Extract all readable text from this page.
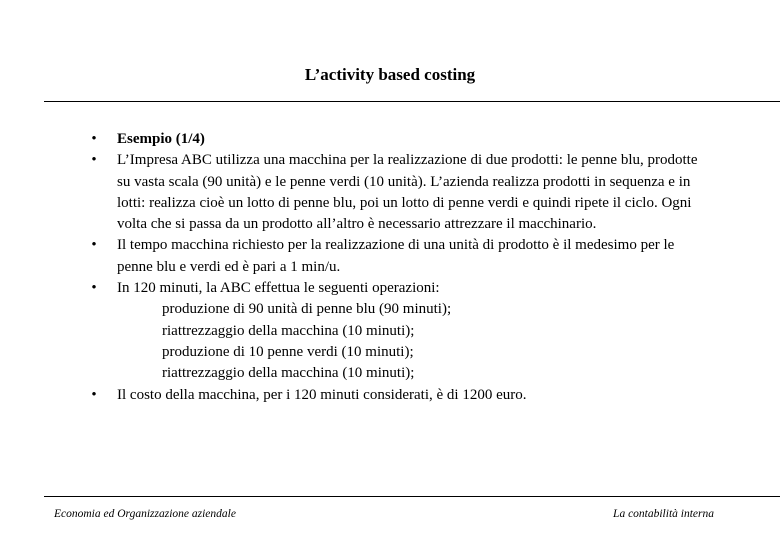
L’activity based costing
• Esempio (1/4)
• L’Impresa ABC utilizza una macchina per la realizzazione di due prodotti: le penne blu, prodotte su vasta scala (90 unità) e le penne verdi (10 unità). L’azienda realizza prodotti in sequenza e in lotti: realizza cioè un lotto di penne blu, poi un lotto di penne verdi e quindi ripete il ciclo. Ogni volta che si passa da un prodotto all’altro è necessario attrezzare il macchinario.
• Il tempo macchina richiesto per la realizzazione di una unità di prodotto è il medesimo per le penne blu e verdi ed è pari a 1 min/u.
• In 120 minuti, la ABC effettua le seguenti operazioni:
produzione di 90 unità di penne blu (90 minuti);
riattrezzaggio della macchina (10 minuti);
produzione di 10 penne verdi (10 minuti);
riattrezzaggio della macchina (10 minuti);
• Il costo della macchina, per i 120 minuti considerati, è di 1200 euro.
Economia ed Organizzazione aziendale	La contabilità interna
